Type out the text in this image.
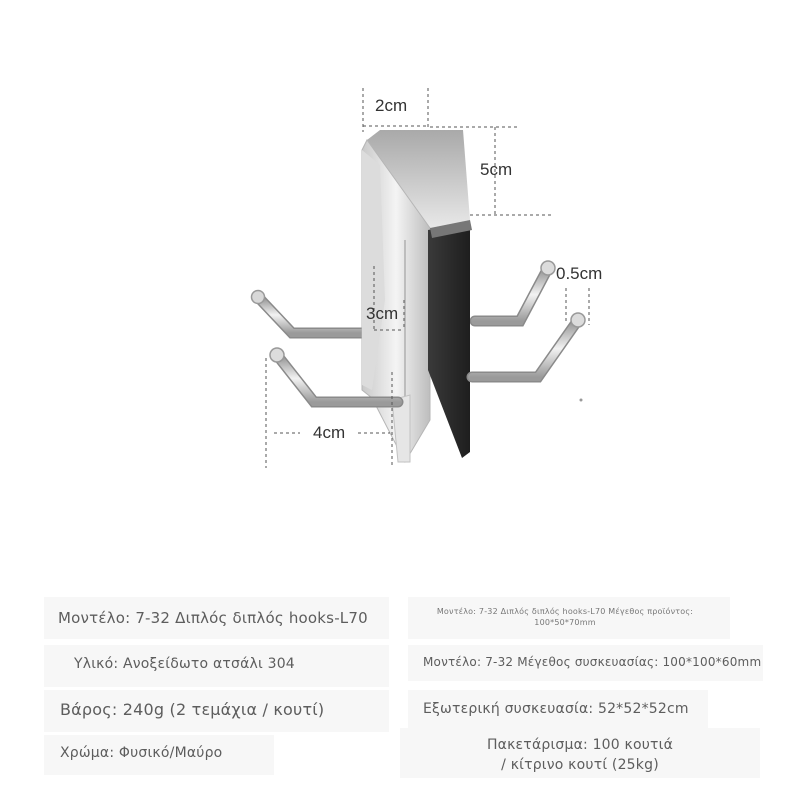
2cm
5cm
0.5cm
3cm
4cm
Μοντέλο: 7-32 Διπλός διπλός hooks-L70
Υλικό: Ανοξείδωτο ατσάλι 304
Βάρος: 240g (2 τεμάχια / κουτί)
Χρώμα: Φυσικό/Μαύρο
Μοντέλο: 7-32 Διπλός διπλός hooks-L70 Μέγεθος προϊόντος:
100*50*70mm
Μοντέλο: 7-32 Μέγεθος συσκευασίας: 100*100*60mm
Εξωτερική συσκευασία: 52*52*52cm
Πακετάρισμα: 100 κουτιά
/ κίτρινο κουτί (25kg)
